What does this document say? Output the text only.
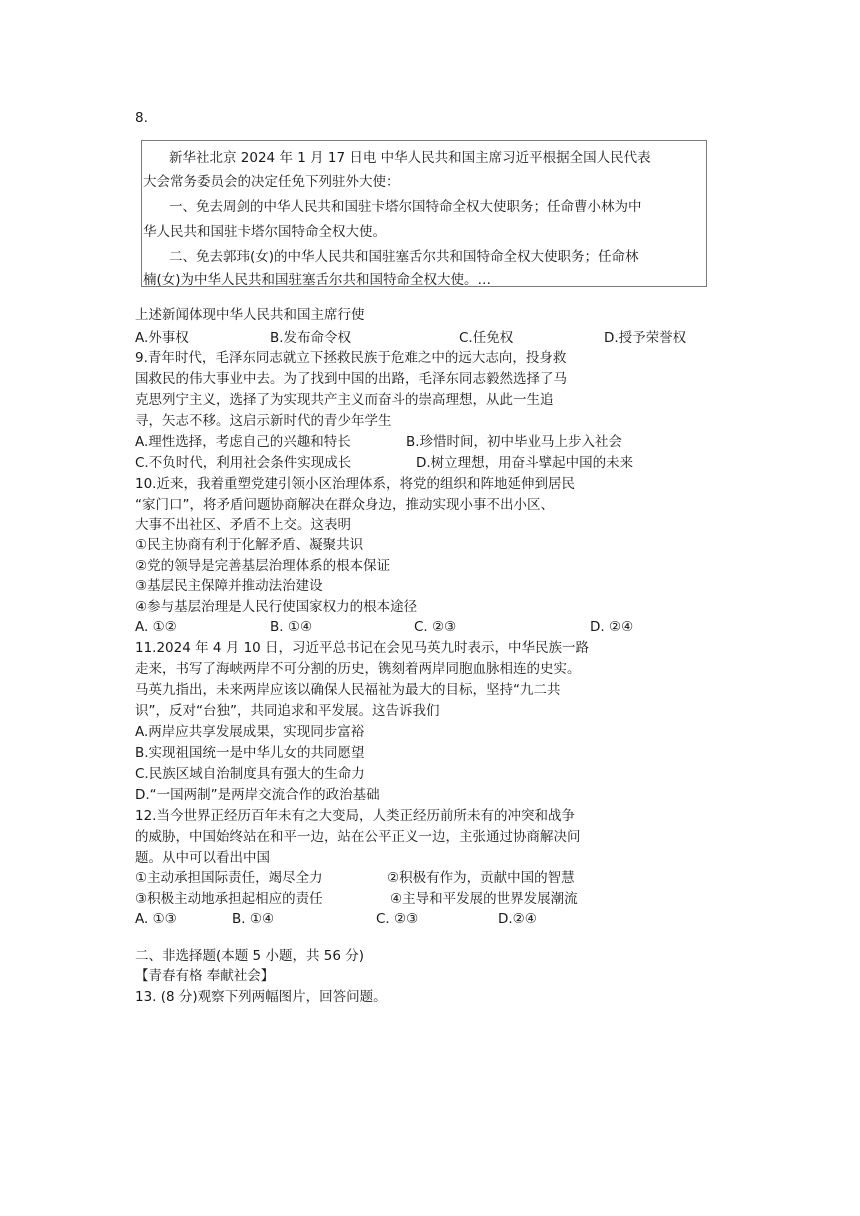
8.
新华社北京 2024 年 1 月 17 日电 中华人民共和国主席习近平根据全国人民代表
大会常务委员会的决定任免下列驻外大使：
一、免去周剑的中华人民共和国驻卡塔尔国特命全权大使职务；任命曹小林为中
华人民共和国驻卡塔尔国特命全权大使。
二、免去郭玮(女)的中华人民共和国驻塞舌尔共和国特命全权大使职务；任命林
楠(女)为中华人民共和国驻塞舌尔共和国特命全权大使。…
上述新闻体现中华人民共和国主席行使
A.外事权	B.发布命令权	C.任免权	D.授予荣誉权
9.青年时代，毛泽东同志就立下拯救民族于危难之中的远大志向，投身救
国救民的伟大事业中去。为了找到中国的出路，毛泽东同志毅然选择了马
克思列宁主义，选择了为实现共产主义而奋斗的崇高理想，从此一生追
寻，矢志不移。这启示新时代的青少年学生
A.理性选择，考虑自己的兴趣和特长	B.珍惜时间，初中毕业马上步入社会
C.不负时代，利用社会条件实现成长	D.树立理想，用奋斗擘起中国的未来
10.近来，我着重塑党建引领小区治理体系，将党的组织和阵地延伸到居民
“家门口”，将矛盾问题协商解决在群众身边，推动实现小事不出小区、
大事不出社区、矛盾不上交。这表明
①民主协商有利于化解矛盾、凝聚共识
②党的领导是完善基层治理体系的根本保证
③基层民主保障并推动法治建设
④参与基层治理是人民行使国家权力的根本途径
A. ①②	B. ①④	C. ②③	D. ②④
11.2024 年 4 月 10 日，习近平总书记在会见马英九时表示，中华民族一路
走来，书写了海峡两岸不可分割的历史，镌刻着两岸同胞血脉相连的史实。
马英九指出，未来两岸应该以确保人民福祉为最大的目标，坚持“九二共
识”，反对“台独”，共同追求和平发展。这告诉我们
A.两岸应共享发展成果，实现同步富裕
B.实现祖国统一是中华儿女的共同愿望
C.民族区域自治制度具有强大的生命力
D.“一国两制”是两岸交流合作的政治基础
12.当今世界正经历百年未有之大变局，人类正经历前所未有的冲突和战争
的威胁，中国始终站在和平一边，站在公平正义一边，主张通过协商解决问
题。从中可以看出中国
①主动承担国际责任，竭尽全力	②积极有作为，贡献中国的智慧
③积极主动地承担起相应的责任	④主导和平发展的世界发展潮流
A. ①③	B. ①④	C. ②③	D.②④
二、非选择题(本题 5 小题，共 56 分)
【青春有格 奉献社会】
13. (8 分)观察下列两幅图片，回答问题。
